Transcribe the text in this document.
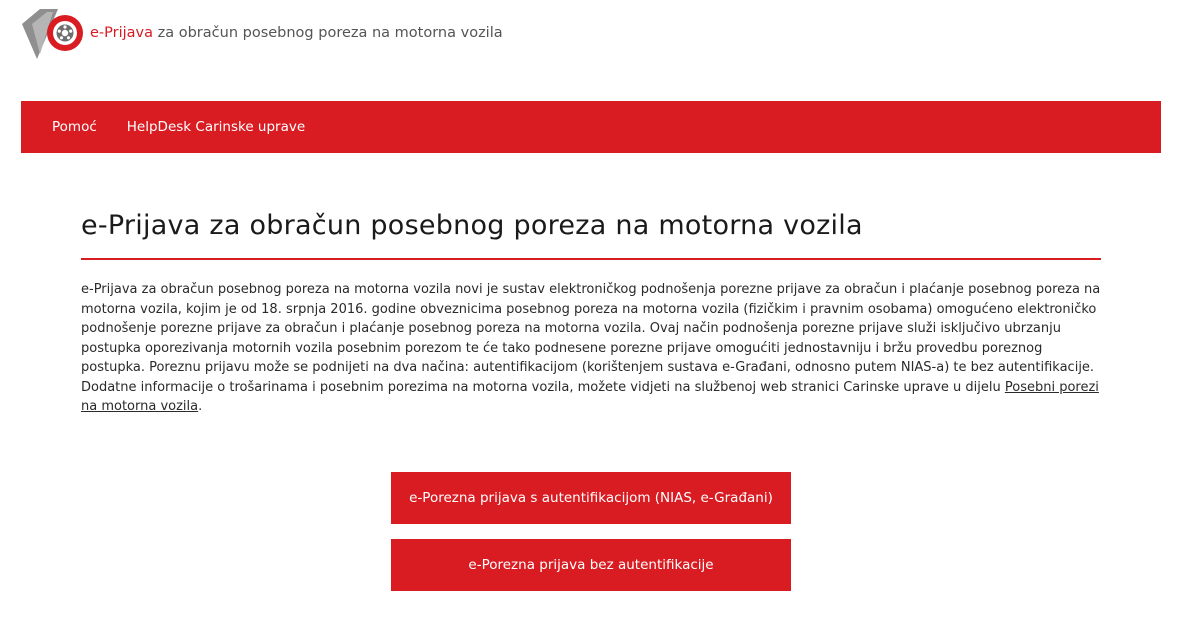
e-Prijava za obračun posebnog poreza na motorna vozila
Pomoć HelpDesk Carinske uprave
e-Prijava za obračun posebnog poreza na motorna vozila

e-Prijava za obračun posebnog poreza na motorna vozila novi je sustav elektroničkog podnošenja porezne prijave za obračun i plaćanje posebnog poreza na motorna vozila, kojim je od 18. srpnja 2016. godine obveznicima posebnog poreza na motorna vozila (fizičkim i pravnim osobama) omogućeno elektroničko podnošenje porezne prijave za obračun i plaćanje posebnog poreza na motorna vozila. Ovaj način podnošenja porezne prijave služi isključivo ubrzanju postupka oporezivanja motornih vozila posebnim porezom te će tako podnesene porezne prijave omogućiti jednostavniju i bržu provedbu poreznog postupka. Poreznu prijavu može se podnijeti na dva načina: autentifikacijom (korištenjem sustava e-Građani, odnosno putem NIAS-a) te bez autentifikacije. Dodatne informacije o trošarinama i posebnim porezima na motorna vozila, možete vidjeti na službenoj web stranici Carinske uprave u dijelu Posebni porezi na motorna vozila.

e-Porezna prijava s autentifikacijom (NIAS, e-Građani)
e-Porezna prijava bez autentifikacije
